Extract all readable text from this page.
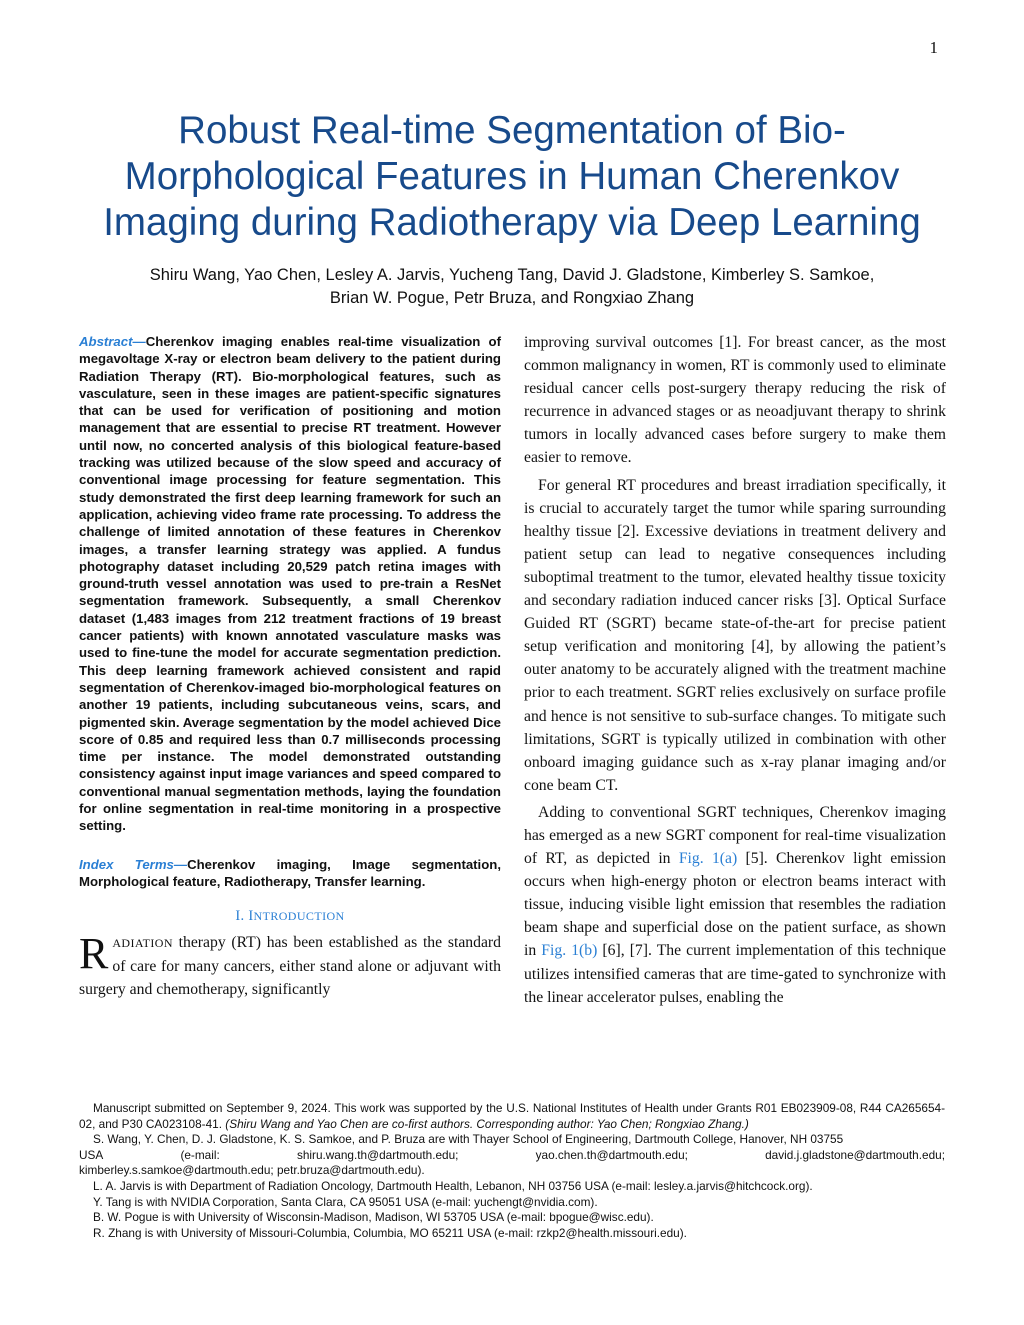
1
Robust Real-time Segmentation of Bio-Morphological Features in Human Cherenkov Imaging during Radiotherapy via Deep Learning
Shiru Wang, Yao Chen, Lesley A. Jarvis, Yucheng Tang, David J. Gladstone, Kimberley S. Samkoe,
Brian W. Pogue, Petr Bruza, and Rongxiao Zhang

Abstract—Cherenkov imaging enables real-time visualization of megavoltage X-ray or electron beam delivery to the patient during Radiation Therapy (RT). Bio-morphological features, such as vasculature, seen in these images are patient-specific signatures that can be used for verification of positioning and motion management that are essential to precise RT treatment. However until now, no concerted analysis of this biological feature-based tracking was utilized because of the slow speed and accuracy of conventional image processing for feature segmentation. This study demonstrated the first deep learning framework for such an application, achieving video frame rate processing. To address the challenge of limited annotation of these features in Cherenkov images, a transfer learning strategy was applied. A fundus photography dataset including 20,529 patch retina images with ground-truth vessel annotation was used to pre-train a ResNet segmentation framework. Subsequently, a small Cherenkov dataset (1,483 images from 212 treatment fractions of 19 breast cancer patients) with known annotated vasculature masks was used to fine-tune the model for accurate segmentation prediction. This deep learning framework achieved consistent and rapid segmentation of Cherenkov-imaged bio-morphological features on another 19 patients, including subcutaneous veins, scars, and pigmented skin. Average segmentation by the model achieved Dice score of 0.85 and required less than 0.7 milliseconds processing time per instance. The model demonstrated outstanding consistency against input image variances and speed compared to conventional manual segmentation methods, laying the foundation for online segmentation in real-time monitoring in a prospective setting.

Index Terms—Cherenkov imaging, Image segmentation, Morphological feature, Radiotherapy, Transfer learning.

I. INTRODUCTION

RADIATION therapy (RT) has been established as the standard of care for many cancers, either stand alone or adjuvant with surgery and chemotherapy, significantly

improving survival outcomes [1]. For breast cancer, as the most common malignancy in women, RT is commonly used to eliminate residual cancer cells post-surgery therapy reducing the risk of recurrence in advanced stages or as neoadjuvant therapy to shrink tumors in locally advanced cases before surgery to make them easier to remove.

For general RT procedures and breast irradiation specifically, it is crucial to accurately target the tumor while sparing surrounding healthy tissue [2]. Excessive deviations in treatment delivery and patient setup can lead to negative consequences including suboptimal treatment to the tumor, elevated healthy tissue toxicity and secondary radiation induced cancer risks [3]. Optical Surface Guided RT (SGRT) became state-of-the-art for precise patient setup verification and monitoring [4], by allowing the patient’s outer anatomy to be accurately aligned with the treatment machine prior to each treatment. SGRT relies exclusively on surface profile and hence is not sensitive to sub-surface changes. To mitigate such limitations, SGRT is typically utilized in combination with other onboard imaging guidance such as x-ray planar imaging and/or cone beam CT.

Adding to conventional SGRT techniques, Cherenkov imaging has emerged as a new SGRT component for real-time visualization of RT, as depicted in Fig. 1(a) [5]. Cherenkov light emission occurs when high-energy photon or electron beams interact with tissue, inducing visible light emission that resembles the radiation beam shape and superficial dose on the patient surface, as shown in Fig. 1(b) [6], [7]. The current implementation of this technique utilizes intensified cameras that are time-gated to synchronize with the linear accelerator pulses, enabling the

Manuscript submitted on September 9, 2024. This work was supported by the U.S. National Institutes of Health under Grants R01 EB023909-08, R44 CA265654-02, and P30 CA023108-41. (Shiru Wang and Yao Chen are co-first authors. Corresponding author: Yao Chen; Rongxiao Zhang.)

S. Wang, Y. Chen, D. J. Gladstone, K. S. Samkoe, and P. Bruza are with Thayer School of Engineering, Dartmouth College, Hanover, NH 03755

USA	(e-mail:	shiru.wang.th@dartmouth.edu;	yao.chen.th@dartmouth.edu;	david.j.gladstone@dartmouth.edu;

kimberley.s.samkoe@dartmouth.edu; petr.bruza@dartmouth.edu).

L. A. Jarvis is with Department of Radiation Oncology, Dartmouth Health, Lebanon, NH 03756 USA (e-mail: lesley.a.jarvis@hitchcock.org).

Y. Tang is with NVIDIA Corporation, Santa Clara, CA 95051 USA (e-mail: yuchengt@nvidia.com).

B. W. Pogue is with University of Wisconsin-Madison, Madison, WI 53705 USA (e-mail: bpogue@wisc.edu).

R. Zhang is with University of Missouri-Columbia, Columbia, MO 65211 USA (e-mail: rzkp2@health.missouri.edu).
